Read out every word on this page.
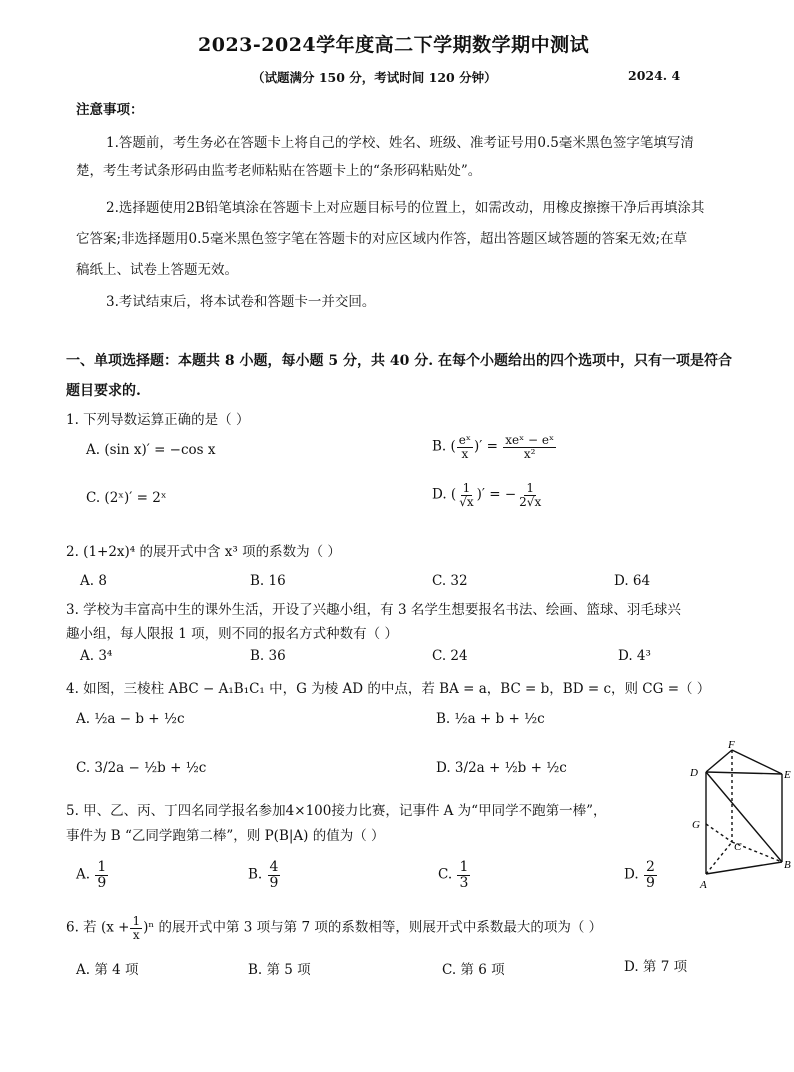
2023-2024学年度高二下学期数学期中测试
（试题满分 150 分，考试时间 120 分钟）	2024. 4
注意事项：
1.答题前，考生务必在答题卡上将自己的学校、姓名、班级、准考证号用0.5毫米黑色签字笔填写清
楚，考生考试条形码由监考老师粘贴在答题卡上的“条形码粘贴处”。
2.选择题使用2B铅笔填涂在答题卡上对应题目标号的位置上，如需改动，用橡皮擦擦干净后再填涂其
它答案;非选择题用0.5毫米黑色签字笔在答题卡的对应区域内作答，超出答题区域答题的答案无效;在草
稿纸上、试卷上答题无效。
3.考试结束后，将本试卷和答题卡一并交回。
一、单项选择题：本题共 8 小题，每小题 5 分，共 40 分. 在每个小题给出的四个选项中，只有一项是符合
题目要求的.
1. 下列导数运算正确的是（ ）
A. (sin x)′ = −cos x	B. ( $\frac{\text{eˣ}}{x}$ )′ = $\frac{\text{xeˣ − eˣ}}{\text{x²}}$
C. (2ˣ)′ = 2ˣ	D. ( $\frac{1}{√x}$ )′ = − $\frac{1}{2√x}$
2. (1+2x)⁴ 的展开式中含 x³ 项的系数为（ ）
A. 8	B. 16	C. 32	D. 64
3. 学校为丰富高中生的课外生活，开设了兴趣小组，有 3 名学生想要报名书法、绘画、篮球、羽毛球兴
趣小组，每人限报 1 项，则不同的报名方式种数有（ ）
A. 3⁴	B. 36	C. 24	D. 4³
4. 如图，三棱柱 ABC − A₁B₁C₁ 中，G 为棱 AD 的中点，若 BA = a，BC = b，BD = c，则 CG =（ ）
A. ½a − b + ½c	B. ½a + b + ½c
C. 3/2a − ½b + ½c	D. 3/2a + ½b + ½c
5. 甲、乙、丙、丁四名同学报名参加4×100接力比赛，记事件 A 为“甲同学不跑第一棒”，
事件为 B “乙同学跑第二棒”，则 P(B|A) 的值为（ ）
A. $\frac{1}{9}$	B. $\frac{4}{9}$	C. $\frac{1}{3}$	D. $\frac{2}{9}$
6. 若 $(x + \frac{1}{x} )^n$ 的展开式中第 3 项与第 7 项的系数相等，则展开式中系数最大的项为（ ）
A. 第 4 项	B. 第 5 项	C. 第 6 项	D. 第 7 项
F
D	E
G
C
A
B
